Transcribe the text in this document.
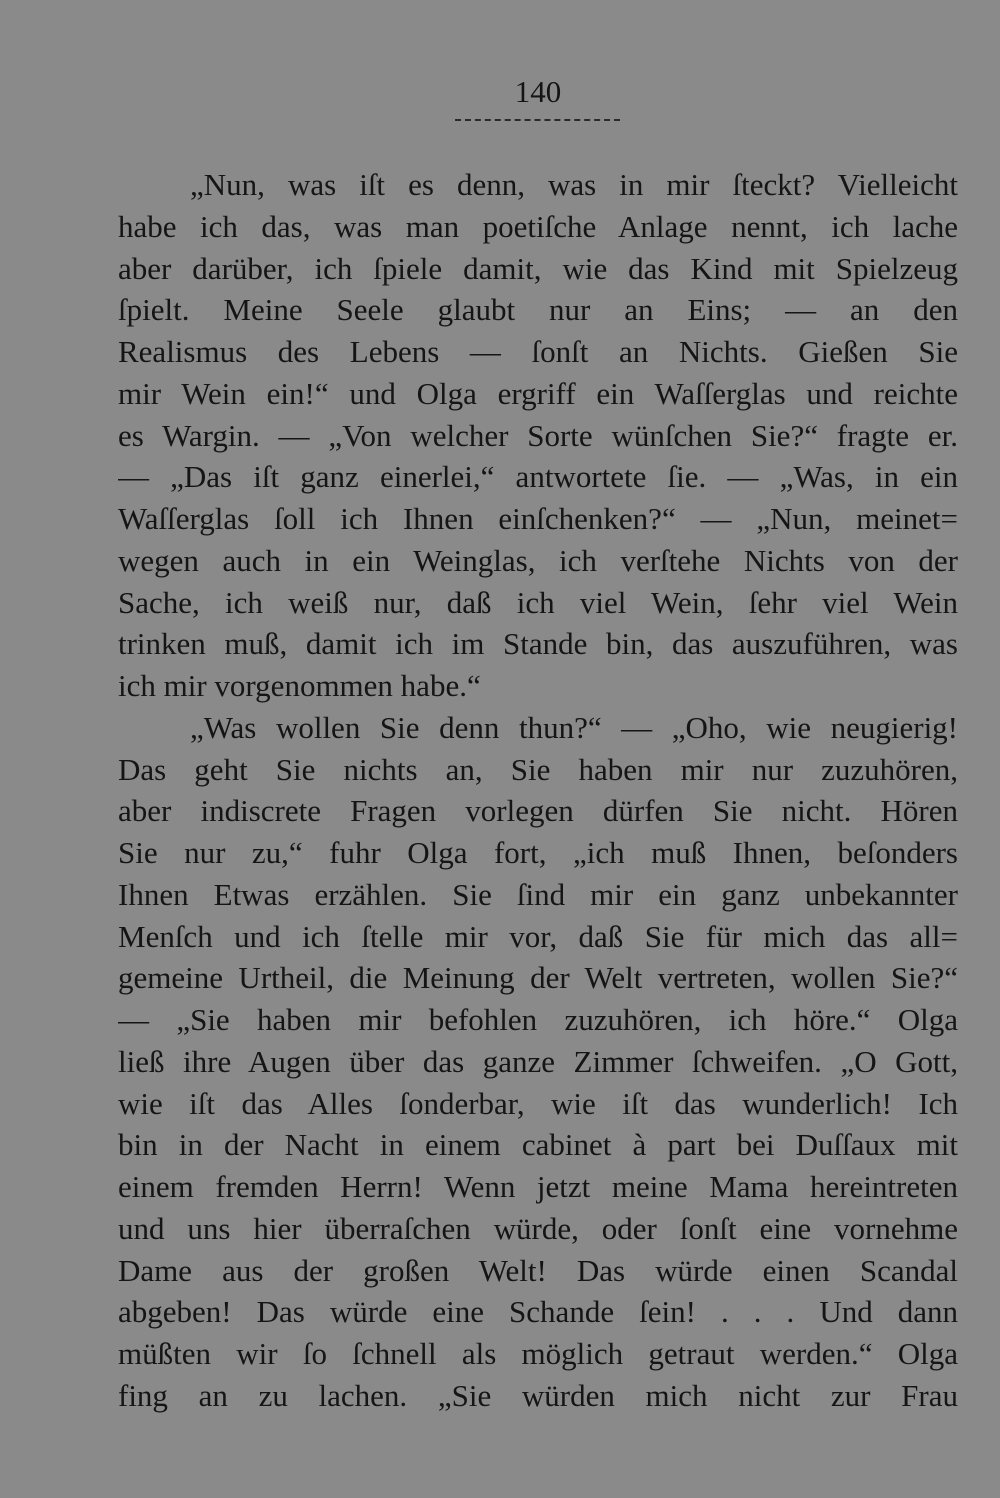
140
„Nun, was iſt es denn, was in mir ſteckt? Vielleicht
habe ich das, was man poetiſche Anlage nennt, ich lache
aber darüber, ich ſpiele damit, wie das Kind mit Spielzeug
ſpielt. Meine Seele glaubt nur an Eins; — an den
Realismus des Lebens — ſonſt an Nichts. Gießen Sie
mir Wein ein!“ und Olga ergriff ein Waſſerglas und reichte
es Wargin. — „Von welcher Sorte wünſchen Sie?“ fragte er.
— „Das iſt ganz einerlei,“ antwortete ſie. — „Was, in ein
Waſſerglas ſoll ich Ihnen einſchenken?“ — „Nun, meinet=
wegen auch in ein Weinglas, ich verſtehe Nichts von der
Sache, ich weiß nur, daß ich viel Wein, ſehr viel Wein
trinken muß, damit ich im Stande bin, das auszuführen, was
ich mir vorgenommen habe.“
„Was wollen Sie denn thun?“ — „Oho, wie neugierig!
Das geht Sie nichts an, Sie haben mir nur zuzuhören,
aber indiscrete Fragen vorlegen dürfen Sie nicht. Hören
Sie nur zu,“ fuhr Olga fort, „ich muß Ihnen, beſonders
Ihnen Etwas erzählen. Sie ſind mir ein ganz unbekannter
Menſch und ich ſtelle mir vor, daß Sie für mich das all=
gemeine Urtheil, die Meinung der Welt vertreten, wollen Sie?“
— „Sie haben mir befohlen zuzuhören, ich höre.“ Olga
ließ ihre Augen über das ganze Zimmer ſchweifen. „O Gott,
wie iſt das Alles ſonderbar, wie iſt das wunderlich! Ich
bin in der Nacht in einem cabinet à part bei Duſſaux mit
einem fremden Herrn! Wenn jetzt meine Mama hereintreten
und uns hier überraſchen würde, oder ſonſt eine vornehme
Dame aus der großen Welt! Das würde einen Scandal
abgeben! Das würde eine Schande ſein! . . . Und dann
müßten wir ſo ſchnell als möglich getraut werden.“ Olga
fing an zu lachen. „Sie würden mich nicht zur Frau
